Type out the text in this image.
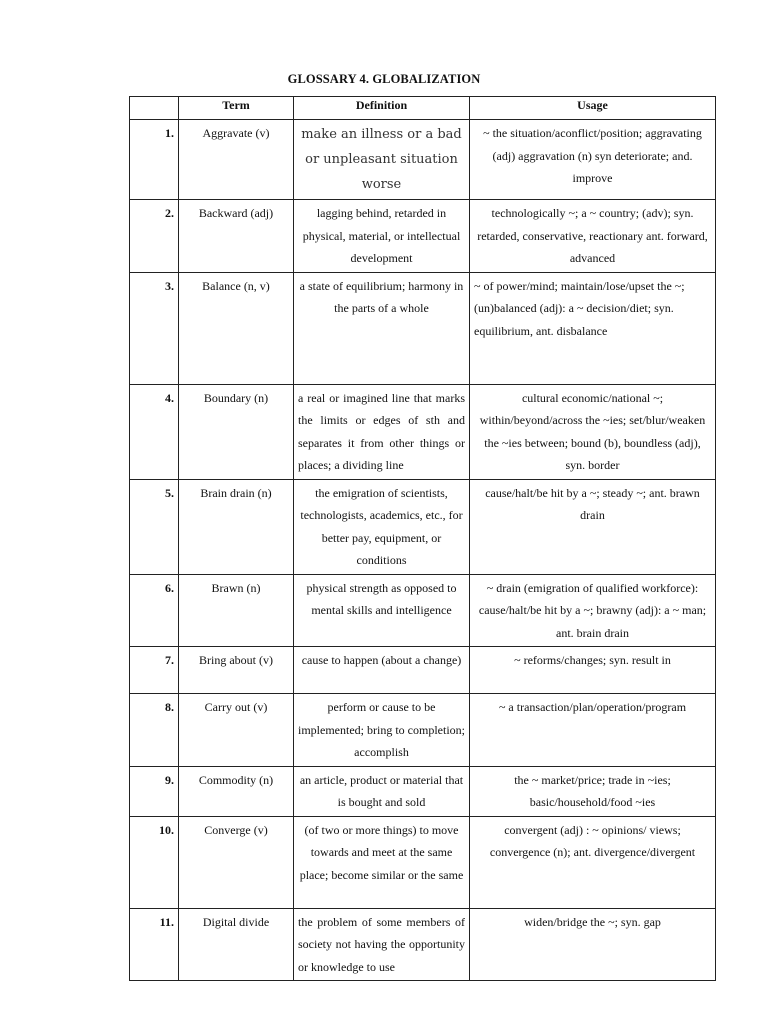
GLOSSARY 4. GLOBALIZATION
	Term	Definition	Usage
1.	Aggravate (v)	make an illness or a bad or unpleasant situation worse	~ the situation/aconflict/position; aggravating (adj) aggravation (n) syn deteriorate; and. improve
2.	Backward (adj)	lagging behind, retarded in physical, material, or intellectual development	technologically ~; a ~ country; (adv); syn. retarded, conservative, reactionary ant. forward, advanced
3.	Balance (n, v)	a state of equilibrium; harmony in the parts of a whole	~ of power/mind; maintain/lose/upset the ~; (un)balanced (adj): a ~ decision/diet; syn. equilibrium, ant. disbalance
4.	Boundary (n)	a real or imagined line that marks the limits or edges of sth and separates it from other things or places; a dividing line	cultural economic/national ~; within/beyond/across the ~ies; set/blur/weaken the ~ies between; bound (b), boundless (adj), syn. border
5.	Brain drain (n)	the emigration of scientists, technologists, academics, etc., for better pay, equipment, or conditions	cause/halt/be hit by a ~; steady ~; ant. brawn drain
6.	Brawn (n)	physical strength as opposed to mental skills and intelligence	~ drain (emigration of qualified workforce): cause/halt/be hit by a ~; brawny (adj): a ~ man; ant. brain drain
7.	Bring about (v)	cause to happen (about a change)	~ reforms/changes; syn. result in
8.	Carry out (v)	perform or cause to be implemented; bring to completion; accomplish	~ a transaction/plan/operation/program
9.	Commodity (n)	an article, product or material that is bought and sold	the ~ market/price; trade in ~ies; basic/household/food ~ies
10.	Converge (v)	(of two or more things) to move towards and meet at the same place; become similar or the same	convergent (adj) : ~ opinions/ views; convergence (n); ant. divergence/divergent
11.	Digital divide	the problem of some members of society not having the opportunity or knowledge to use	widen/bridge the ~; syn. gap
